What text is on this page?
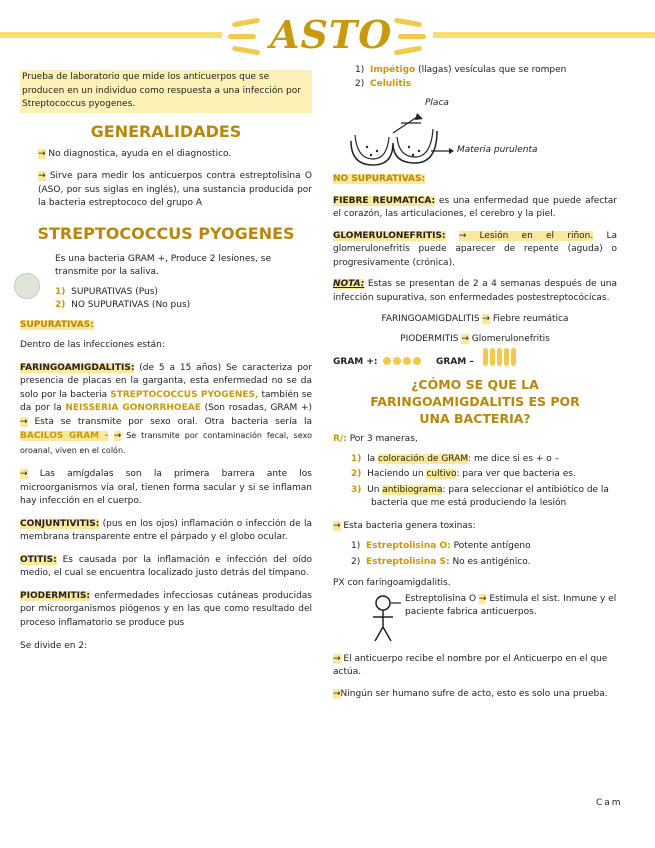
ASTO

Prueba de laboratorio que mide los anticuerpos que se producen en un individuo como respuesta a una infección por Streptococcus pyogenes.

GENERALIDADES

→ No diagnostica, ayuda en el diagnostico.

→ Sirve para medir los anticuerpos contra estreptolisina O (ASO, por sus siglas en inglés), una sustancia producida por la bacteria estreptococo del grupo A

STREPTOCOCCUS PYOGENES

Es una bacteria GRAM +, Produce 2 lesiones, se transmite por la saliva.

1) SUPURATIVAS (Pus)

2) NO SUPURATIVAS (No pus)

SUPURATIVAS:

Dentro de las infecciones están:

FARINGOAMIGDALITIS: (de 5 a 15 años) Se caracteriza por presencia de placas en la garganta, esta enfermedad no se da solo por la bacteria STREPTOCOCCUS PYOGENES, también se da por la NEISSERIA GONORRHOEAE (Son rosadas, GRAM +) → Esta se transmite por sexo oral. Otra bacteria sería la BACILOS GRAM - → Se transmite por contaminación fecal, sexo oroanal, viven en el colón.

→ Las amígdalas son la primera barrera ante los microorganismos vía oral, tienen forma sacular y si se inflaman hay infección en el cuerpo.

CONJUNTIVITIS: (pus en los ojos) inflamación o infección de la membrana transparente entre el párpado y el globo ocular.

OTITIS: Es causada por la inflamación e infección del oído medio, el cual se encuentra localizado justo detrás del tímpano.

PIODERMITIS: enfermedades infecciosas cutáneas producidas por microorganismos piógenos y en las que como resultado del proceso inflamatorio se produce pus

Se divide en 2:

1) Impétigo (llagas) vesículas que se rompen

2) Celulitis

Placa
Materia purulenta

NO SUPURATIVAS:

FIEBRE REUMATICA: es una enfermedad que puede afectar el corazón, las articulaciones, el cerebro y la piel.

GLOMERULONEFRITIS: → Lesión en el riñon. La glomerulonefritis puede aparecer de repente (aguda) o progresivamente (crónica).

NOTA: Estas se presentan de 2 a 4 semanas después de una infección supurativa, son enfermedades postestreptocócicas.

FARINGOAMIGDALITIS → Fiebre reumática

PIODERMITIS → Glomerulonefritis

GRAM +:	GRAM –
¿CÓMO SE QUE LA FARINGOAMIGDALITIS ES POR UNA BACTERIA?

R/: Por 3 maneras,

1) la coloración de GRAM: me dice si es + o –

2) Haciendo un cultivo: para ver que bacteria es.

3) Un antibiograma: para seleccionar el antibiótico de la bacteria que me está produciendo la lesión

→ Esta bacteria genera toxinas:

1) Estreptolisina O: Potente antígeno

2) Estreptolisina S: No es antigénico.

PX con faringoamigdalitis.

Estreptolisina O → Estimula el sist. Inmune y el paciente fabrica anticuerpos.

→ El anticuerpo recibe el nombre por el Anticuerpo en el que actúa.

→Ningún ser humano sufre de acto, esto es solo una prueba.

Cam
